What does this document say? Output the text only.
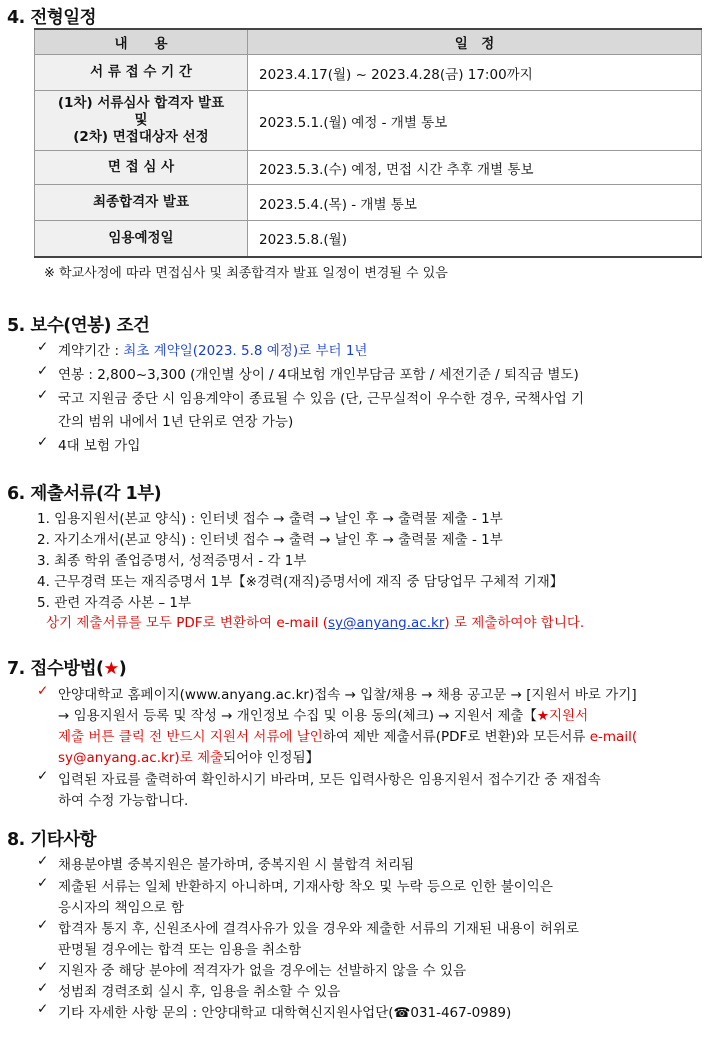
4. 전형일정
내　　용	일　정
서 류 접 수 기 간	2023.4.17(월) ~ 2023.4.28(금) 17:00까지

(1차) 서류심사 합격자 발표
및
(2차) 면접대상자 선정	2023.5.1.(월) 예정 - 개별 통보
면 접 심 사	2023.5.3.(수) 예정, 면접 시간 추후 개별 통보
최종합격자 발표	2023.5.4.(목) - 개별 통보
임용예정일	2023.5.8.(월)
※ 학교사정에 따라 면접심사 및 최종합격자 발표 일정이 변경될 수 있음
5. 보수(연봉) 조건
✓ 계약기간 : 최초 계약일(2023. 5.8 예정)로 부터 1년
✓ 연봉 : 2,800~3,300 (개인별 상이 / 4대보험 개인부담금 포함 / 세전기준 / 퇴직금 별도)
✓ 국고 지원금 중단 시 임용계약이 종료될 수 있음 (단, 근무실적이 우수한 경우, 국책사업 기
간의 범위 내에서 1년 단위로 연장 가능)
✓ 4대 보험 가입
6. 제출서류(각 1부)
1. 임용지원서(본교 양식) : 인터넷 접수 → 출력 → 날인 후 → 출력물 제출 - 1부
2. 자기소개서(본교 양식) : 인터넷 접수 → 출력 → 날인 후 → 출력물 제출 - 1부
3. 최종 학위 졸업증명서, 성적증명서 - 각 1부
4. 근무경력 또는 재직증명서 1부【※경력(재직)증명서에 재직 중 담당업무 구체적 기재】
5. 관련 자격증 사본 – 1부
상기 제출서류를 모두 PDF로 변환하여 e-mail (sy@anyang.ac.kr) 로 제출하여야 합니다.
7. 접수방법(★)
✓ 안양대학교 홈페이지(www.anyang.ac.kr)접속 → 입찰/채용 → 채용 공고문 → [지원서 바로 가기]
→ 임용지원서 등록 및 작성 → 개인정보 수집 및 이용 동의(체크) → 지원서 제출【★지원서
제출 버튼 클릭 전 반드시 지원서 서류에 날인하여 제반 제출서류(PDF로 변환)와 모든서류 e-mail(
sy@anyang.ac.kr)로 제출되어야 인정됨】
✓ 입력된 자료를 출력하여 확인하시기 바라며, 모든 입력사항은 임용지원서 접수기간 중 재접속
하여 수정 가능합니다.
8. 기타사항
✓ 채용분야별 중복지원은 불가하며, 중복지원 시 불합격 처리됨
✓ 제출된 서류는 일체 반환하지 아니하며, 기재사항 착오 및 누락 등으로 인한 불이익은
응시자의 책임으로 함
✓ 합격자 통지 후, 신원조사에 결격사유가 있을 경우와 제출한 서류의 기재된 내용이 허위로
판명될 경우에는 합격 또는 임용을 취소함
✓ 지원자 중 해당 분야에 적격자가 없을 경우에는 선발하지 않을 수 있음
✓ 성범죄 경력조회 실시 후, 임용을 취소할 수 있음
✓ 기타 자세한 사항 문의 : 안양대학교 대학혁신지원사업단(☎031-467-0989)
